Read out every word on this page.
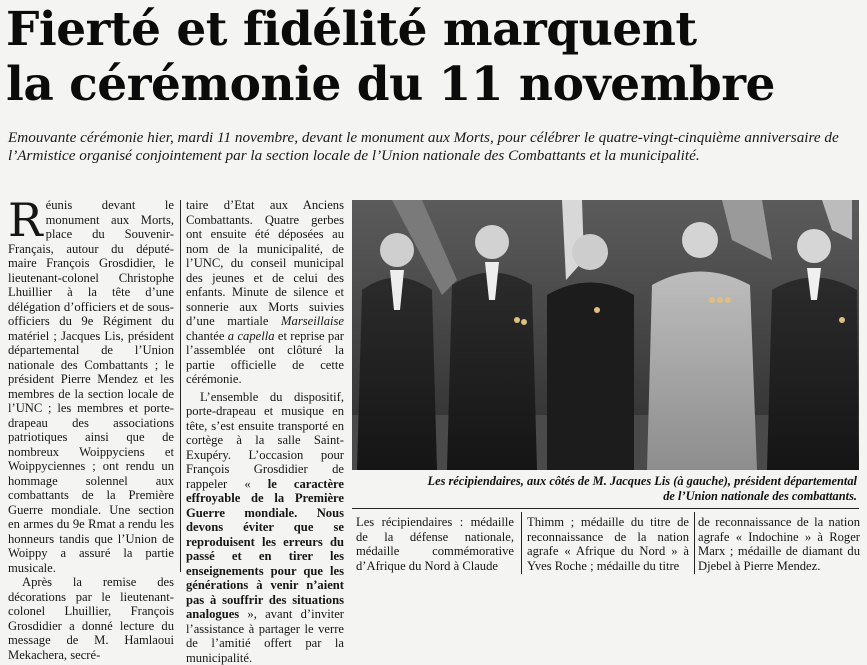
Fierté et fidélité marquent
la cérémonie du 11 novembre
Emouvante cérémonie hier, mardi 11 novembre, devant le monument aux Morts, pour célébrer le quatre-vingt-cinquième anniversaire de l’Armistice organisé conjointement par la section locale de l’Union nationale des Combattants et la municipalité.

Réunis devant le monument aux Morts, place du Souvenir-Français, autour du député-maire François Grosdidier, le lieutenant-colonel Christophe Lhuillier à la tête d’une délégation d’officiers et de sous-officiers du 9e Régiment du matériel ; Jacques Lis, président départemental de l’Union nationale des Combattants ; le président Pierre Mendez et les membres de la section locale de l’UNC ; les membres et porte-drapeau des associations patriotiques ainsi que de nombreux Woippyciens et Woippyciennes ; ont rendu un hommage solennel aux combattants de la Première Guerre mondiale. Une section en armes du 9e Rmat a rendu les honneurs tandis que l’Union de Woippy a assuré la partie musicale.

Après la remise des décorations par le lieutenant-colonel Lhuillier, François Grosdidier a donné lecture du message de M. Hamlaoui Mekachera, secré-

taire d’Etat aux Anciens Combattants. Quatre gerbes ont ensuite été déposées au nom de la municipalité, de l’UNC, du conseil municipal des jeunes et de celui des enfants. Minute de silence et sonnerie aux Morts suivies d’une martiale Marseillaise chantée a capella et reprise par l’assemblée ont clôturé la partie officielle de cette cérémonie.

L’ensemble du dispositif, porte-drapeau et musique en tête, s’est ensuite transporté en cortège à la salle Saint-Exupéry. L’occasion pour François Grosdidier de rappeler « le caractère effroyable de la Première Guerre mondiale. Nous devons éviter que se reproduisent les erreurs du passé et en tirer les enseignements pour que les générations à venir n’aient pas à souffrir des situations analogues », avant d’inviter l’assistance à partager le verre de l’amitié offert par la municipalité.

Les récipiendaires, aux côtés de M. Jacques Lis (à gauche), président départemental
de l’Union nationale des combattants.

Les récipiendaires : médaille de la défense nationale, médaille commémorative d’Afrique du Nord à Claude

Thimm ; médaille du titre de reconnaissance de la nation agrafe « Afrique du Nord » à Yves Roche ; médaille du titre

de reconnaissance de la nation agrafe « Indochine » à Roger Marx ; médaille de diamant du Djebel à Pierre Mendez.
